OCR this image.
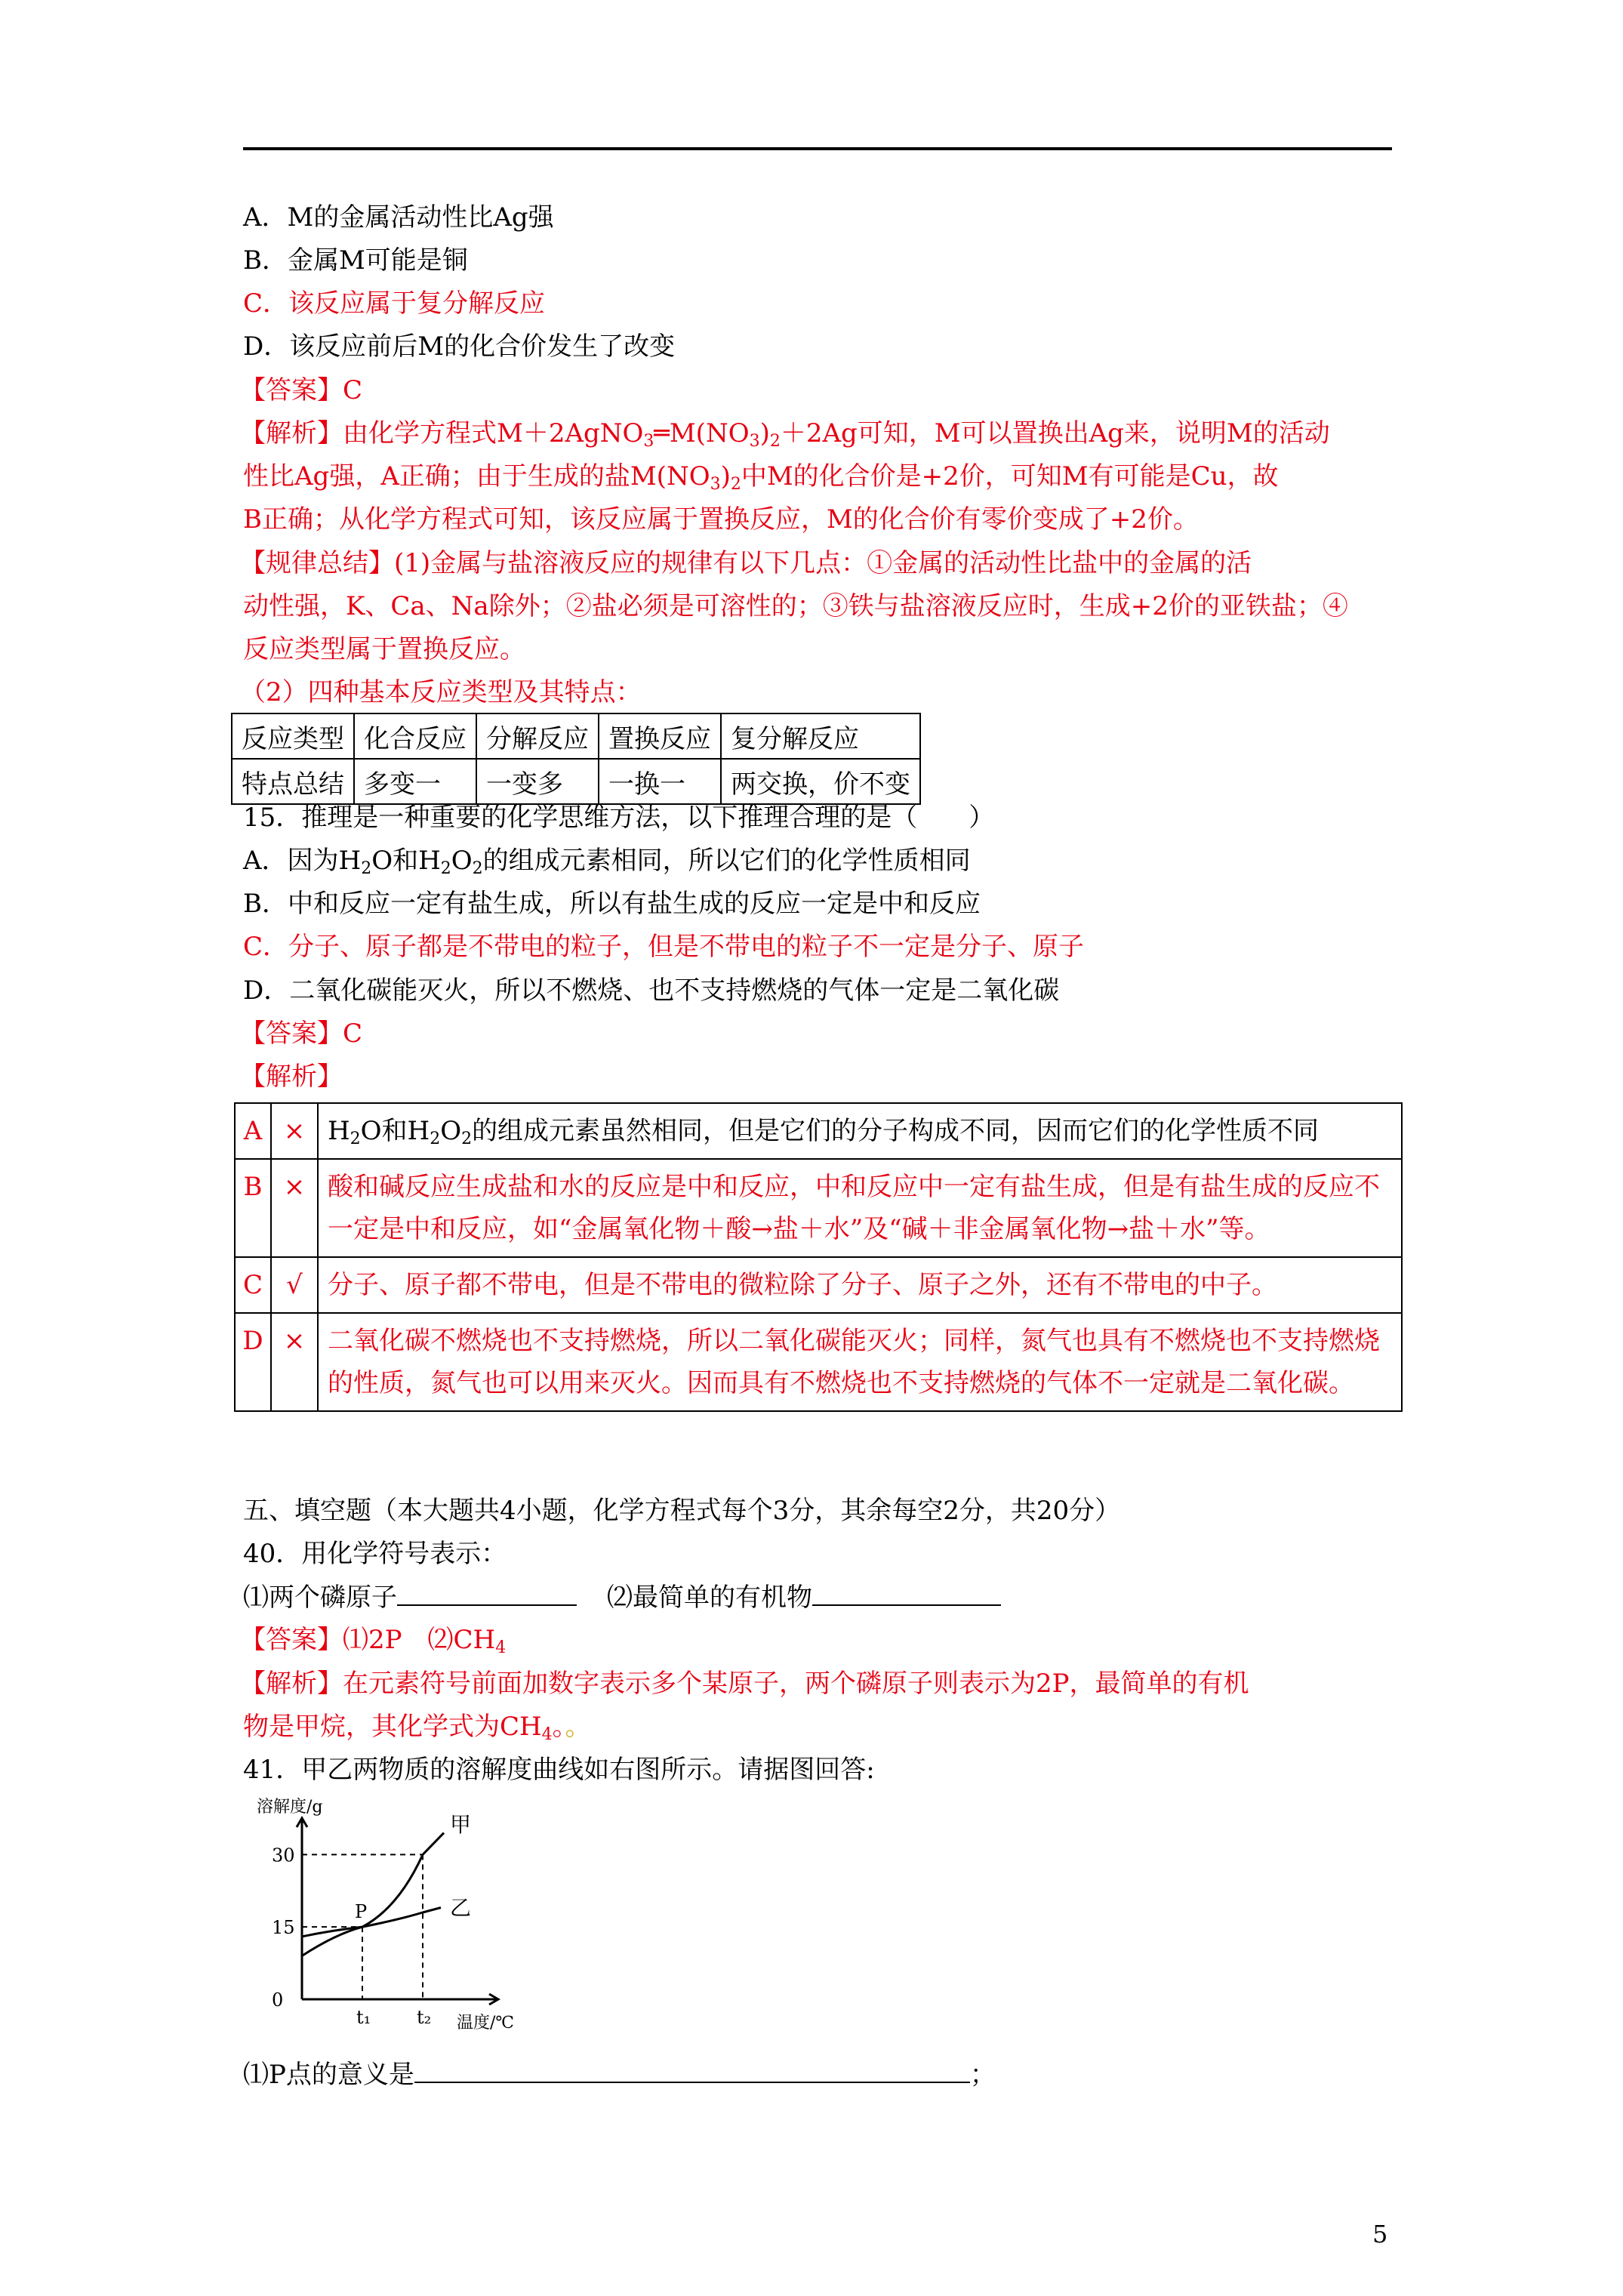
A．M的金属活动性比Ag强
B．金属M可能是铜
C．该反应属于复分解反应
D．该反应前后M的化合价发生了改变
【答案】C
【解析】由化学方程式$M+2AgNO_3═M(NO_3)_2+2Ag$可知，M可以置换出Ag来，说明M的活动
性比Ag强，A正确；由于生成的盐$M(NO_3)_2$中M的化合价是+2价，可知M有可能是Cu，故
B正确；从化学方程式可知，该反应属于置换反应，M的化合价有零价变成了+2价。
【规律总结】(1)金属与盐溶液反应的规律有以下几点：①金属的活动性比盐中的金属的活
动性强，K、Ca、Na除外；②盐必须是可溶性的；③铁与盐溶液反应时，生成+2价的亚铁盐；④
反应类型属于置换反应。
（2）四种基本反应类型及其特点：
反应类型	化合反应	分解反应	置换反应	复分解反应
特点总结	多变一	一变多	一换一	两交换，价不变
15．推理是一种重要的化学思维方法，以下推理合理的是（　　）
A．因为$H_2O$和$H_2O_2$的组成元素相同，所以它们的化学性质相同
B．中和反应一定有盐生成，所以有盐生成的反应一定是中和反应
C．分子、原子都是不带电的粒子，但是不带电的粒子不一定是分子、原子
D．二氧化碳能灭火，所以不燃烧、也不支持燃烧的气体一定是二氧化碳
【答案】C
【解析】
A	×	$H_2O$和$H_2O_2$的组成元素虽然相同，但是它们的分子构成不同，因而它们的化学性质不同
B	×	酸和碱反应生成盐和水的反应是中和反应，中和反应中一定有盐生成，但是有盐生成的反应不一定是中和反应，如“金属氧化物＋酸→盐＋水”及“碱＋非金属氧化物→盐＋水”等。
C	√	分子、原子都不带电，但是不带电的微粒除了分子、原子之外，还有不带电的中子。
D	×	二氧化碳不燃烧也不支持燃烧，所以二氧化碳能灭火；同样，氮气也具有不燃烧也不支持燃烧的性质，氮气也可以用来灭火。因而具有不燃烧也不支持燃烧的气体不一定就是二氧化碳。
五、填空题（本大题共4小题，化学方程式每个3分，其余每空2分，共20分）
40．用化学符号表示：
⑴两个磷原子	⑵最简单的有机物
【答案】⑴2P　$⑵CH_4$
【解析】在元素符号前面加数字表示多个某原子，两个磷原子则表示为2P，最简单的有机
物是甲烷，其化学式为$CH_4$。。
41．甲乙两物质的溶解度曲线如右图所示。请据图回答:
溶解度/g
温度/℃
30
15
0
t₁	t₂
甲
乙
P
⑴P点的意义是	；
5
